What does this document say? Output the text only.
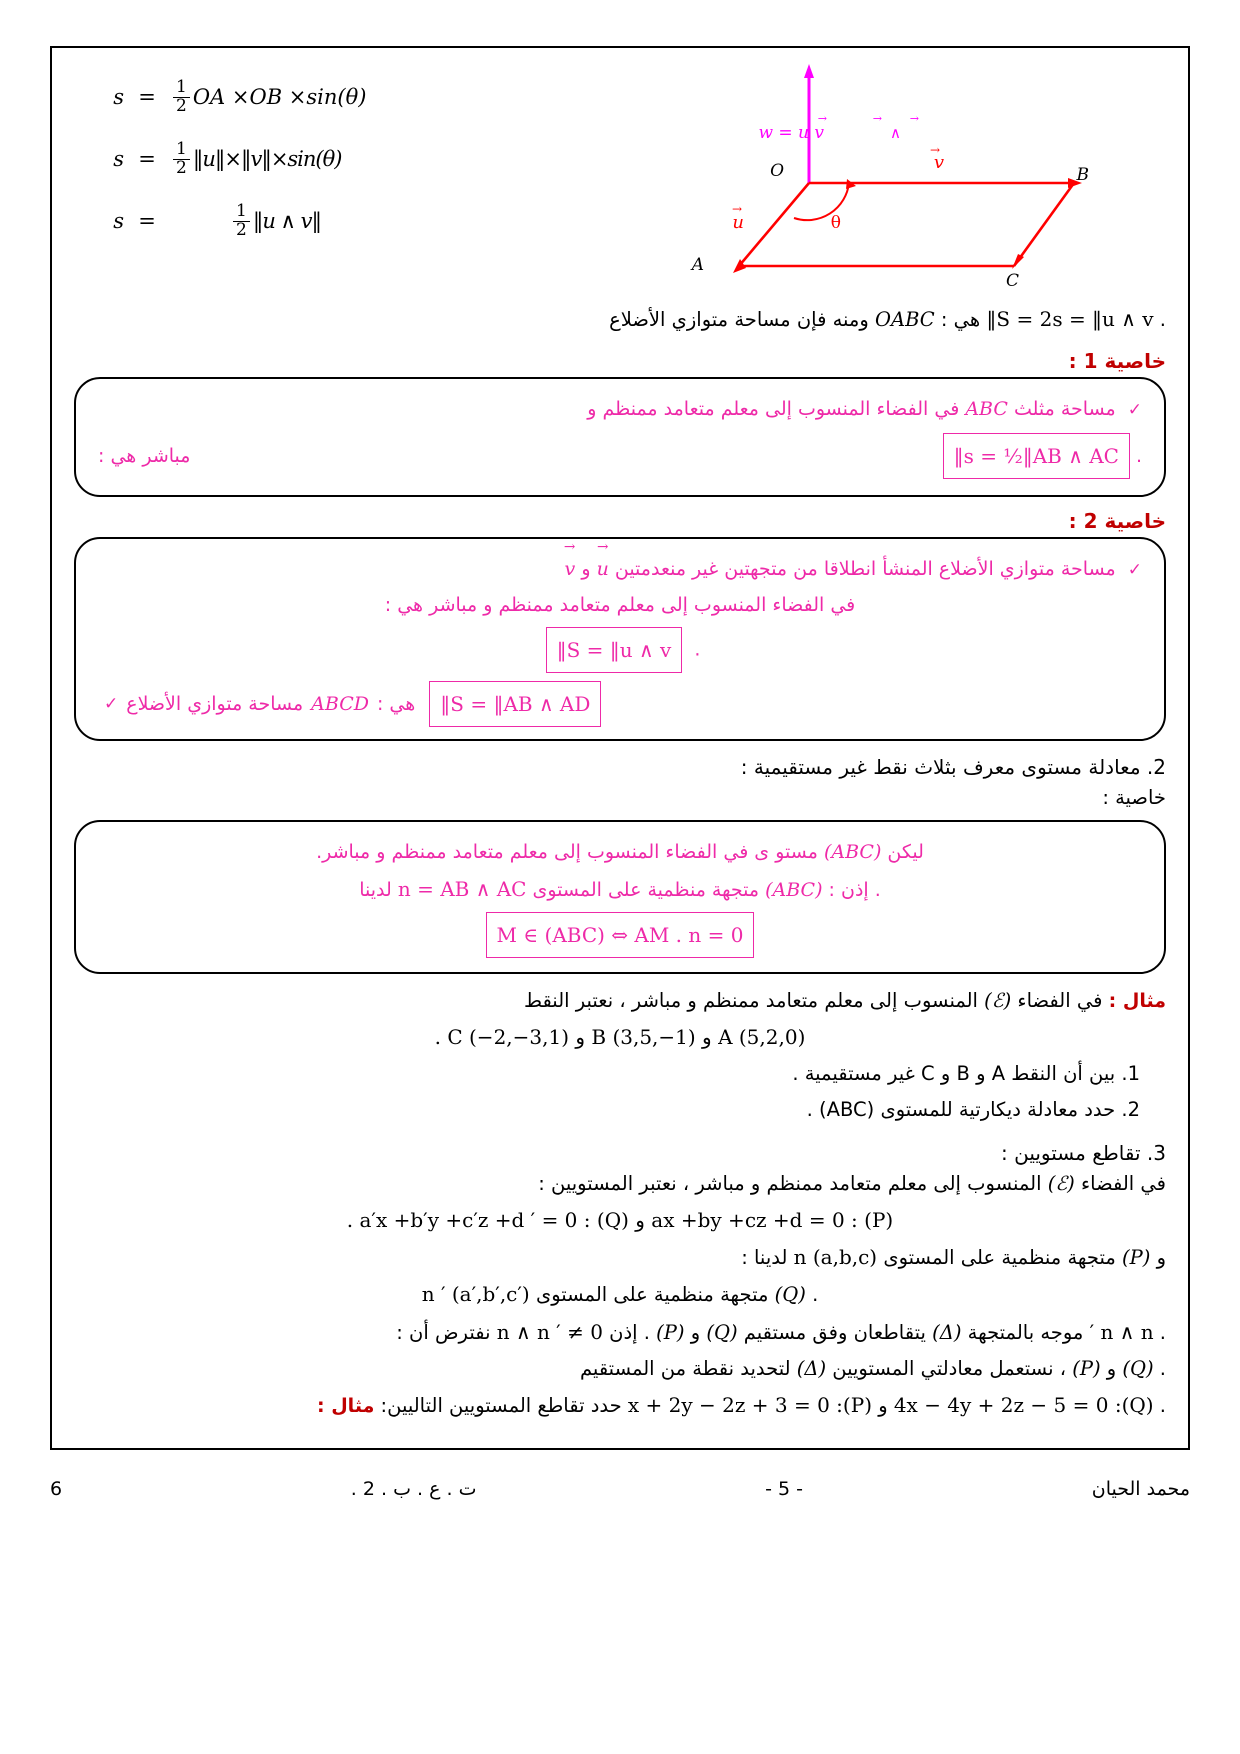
O
A
B
C
θ
u
→
v
→
w = u v
→	→	→
∧
s =	$\frac{1}{2}$ OA ×OB ×sin(θ)
s =	$\frac{1}{2}$ ‖u‖×‖v‖×sin(θ)
s =	$\frac{1}{2}$ ‖u ∧ v‖
. S = 2s = ‖u ∧ v‖ هي : OABC ومنه فإن مساحة متوازي الأضلاع
خاصية 1 :
✓ مساحة مثلث ABC في الفضاء المنسوب إلى معلم متعامد ممنظم و
.
s = ½‖AB ∧ AC‖
مباشر هي :
خاصية 2 :
✓ مساحة متوازي الأضلاع المنشأ انطلاقا من متجهتين غير منعدمتين u → و v →
في الفضاء المنسوب إلى معلم متعامد ممنظم و مباشر هي :
. S = ‖u ∧ v‖
S = ‖AB ∧ AD‖
هي :
ABCD
مساحة متوازي الأضلاع
✓
2. معادلة مستوى معرف بثلاث نقط غير مستقيمية :
خاصية :
ليكن (ABC) مستو ى في الفضاء المنسوب إلى معلم متعامد ممنظم و مباشر.
. إذن : (ABC) متجهة منظمية على المستوى n = AB ∧ AC لدينا
M ∈ (ABC) ⇔ AM . n = 0
مثال : في الفضاء (ℰ) المنسوب إلى معلم متعامد ممنظم و مباشر ، نعتبر النقط
A (5,2,0) و B (3,5,−1) و C (−2,−3,1) .
1. بين أن النقط A و B و C غير مستقيمية .
2. حدد معادلة ديكارتية للمستوى (ABC) .
3. تقاطع مستويين :
في الفضاء (ℰ) المنسوب إلى معلم متعامد ممنظم و مباشر ، نعتبر المستويين :
(P) : ax +by +cz +d = 0 و (Q) : a′x +b′y +c′z +d ′ = 0 .
و (P) متجهة منظمية على المستوى n (a,b,c) لدينا :
. (Q) متجهة منظمية على المستوى n ′ (a′,b′,c′)
. n ∧ n ′ موجه بالمتجهة (Δ) يتقاطعان وفق مستقيم (Q) و (P) . إذن n ∧ n ′ ≠ 0 نفترض أن :
. (Q) و (P) ، نستعمل معادلتي المستويين (Δ) لتحديد نقطة من المستقيم
. (Q): 4x − 4y + 2z − 5 = 0 و (P): x + 2y − 2z + 3 = 0 حدد تقاطع المستويين التاليين: مثال :
6	. ت . ع . ب . 2	- 5 -	محمد الحيان
